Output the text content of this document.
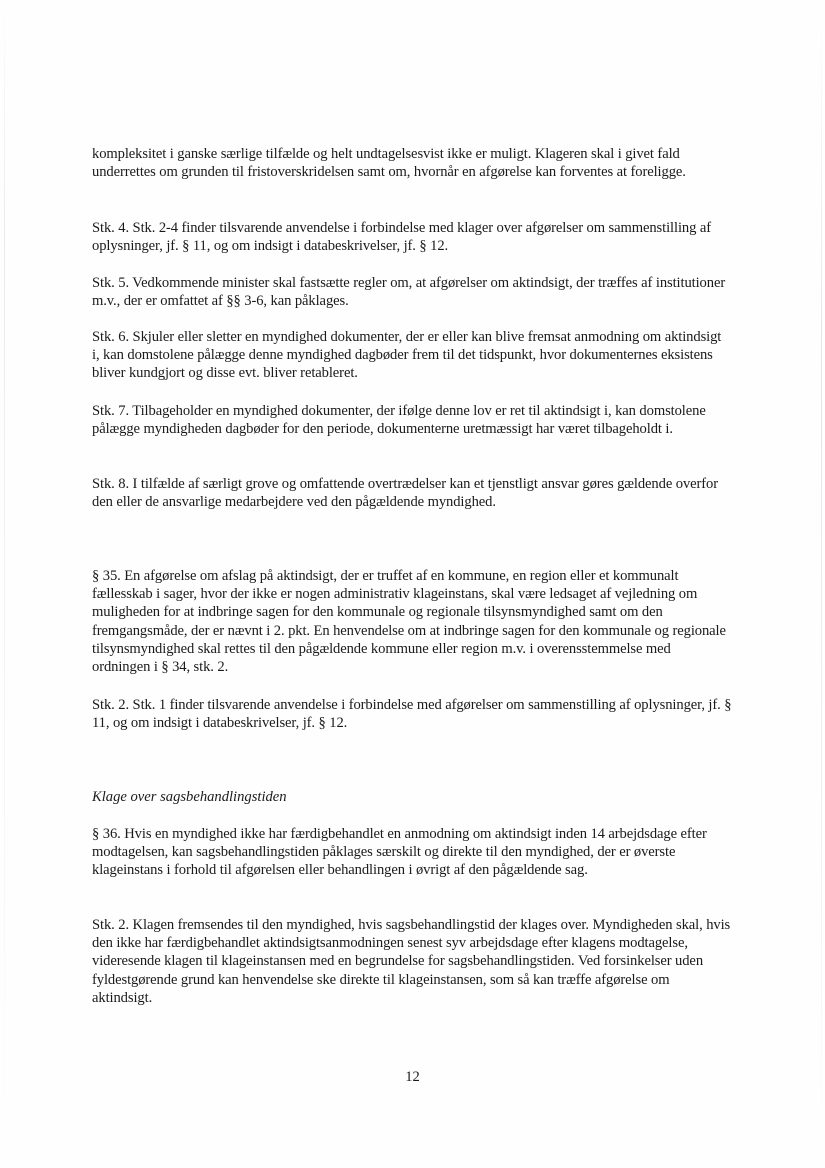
kompleksitet i ganske særlige tilfælde og helt undtagelsesvist ikke er muligt. Klageren skal i givet fald underrettes om grunden til fristoverskridelsen samt om, hvornår en afgørelse kan forventes at foreligge.

Stk. 4. Stk. 2-4 finder tilsvarende anvendelse i forbindelse med klager over afgørelser om sammenstilling af oplysninger, jf. § 11, og om indsigt i databeskrivelser, jf. § 12.

Stk. 5. Vedkommende minister skal fastsætte regler om, at afgørelser om aktindsigt, der træffes af institutioner m.v., der er omfattet af §§ 3-6, kan påklages.

Stk. 6. Skjuler eller sletter en myndighed dokumenter, der er eller kan blive fremsat anmodning om aktindsigt i, kan domstolene pålægge denne myndighed dagbøder frem til det tidspunkt, hvor dokumenternes eksistens bliver kundgjort og disse evt. bliver retableret.

Stk. 7. Tilbageholder en myndighed dokumenter, der ifølge denne lov er ret til aktindsigt i, kan domstolene pålægge myndigheden dagbøder for den periode, dokumenterne uretmæssigt har været tilbageholdt i.

Stk. 8. I tilfælde af særligt grove og omfattende overtrædelser kan et tjenstligt ansvar gøres gældende overfor den eller de ansvarlige medarbejdere ved den pågældende myndighed.

§ 35. En afgørelse om afslag på aktindsigt, der er truffet af en kommune, en region eller et kommunalt fællesskab i sager, hvor der ikke er nogen administrativ klageinstans, skal være ledsaget af vejledning om muligheden for at indbringe sagen for den kommunale og regionale tilsynsmyndighed samt om den fremgangsmåde, der er nævnt i 2. pkt. En henvendelse om at indbringe sagen for den kommunale og regionale tilsynsmyndighed skal rettes til den pågældende kommune eller region m.v. i overensstemmelse med ordningen i § 34, stk. 2.

Stk. 2. Stk. 1 finder tilsvarende anvendelse i forbindelse med afgørelser om sammenstilling af oplysninger, jf. § 11, og om indsigt i databeskrivelser, jf. § 12.

Klage over sagsbehandlingstiden

§ 36. Hvis en myndighed ikke har færdigbehandlet en anmodning om aktindsigt inden 14 arbejdsdage efter modtagelsen, kan sagsbehandlingstiden påklages særskilt og direkte til den myndighed, der er øverste klageinstans i forhold til afgørelsen eller behandlingen i øvrigt af den pågældende sag.

Stk. 2. Klagen fremsendes til den myndighed, hvis sagsbehandlingstid der klages over. Myndigheden skal, hvis den ikke har færdigbehandlet aktindsigtsanmodningen senest syv arbejdsdage efter klagens modtagelse, videresende klagen til klageinstansen med en begrundelse for sagsbehandlingstiden. Ved forsinkelser uden fyldestgørende grund kan henvendelse ske direkte til klageinstansen, som så kan træffe afgørelse om aktindsigt.

12
